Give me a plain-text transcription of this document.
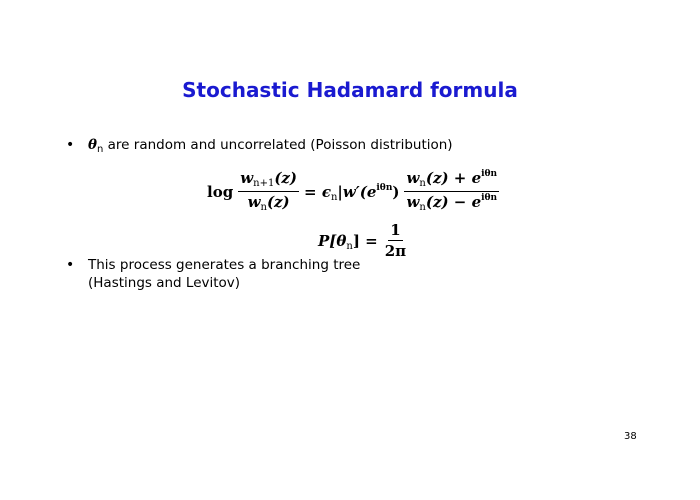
Stochastic Hadamard formula
•	$\theta_n$ are random and uncorrelated (Poisson distribution)
$\log \frac{w_{n+1}(z)}{w_n(z)} = \epsilon_n|w'(e^{i\theta n}) \frac{w_n(z) + e^{i\theta n}}{w_n(z) - e^{i\theta n}}$
$P[\theta_n] = \frac{1}{2\pi}$
•	This process generates a branching tree
(Hastings and Levitov)
38
